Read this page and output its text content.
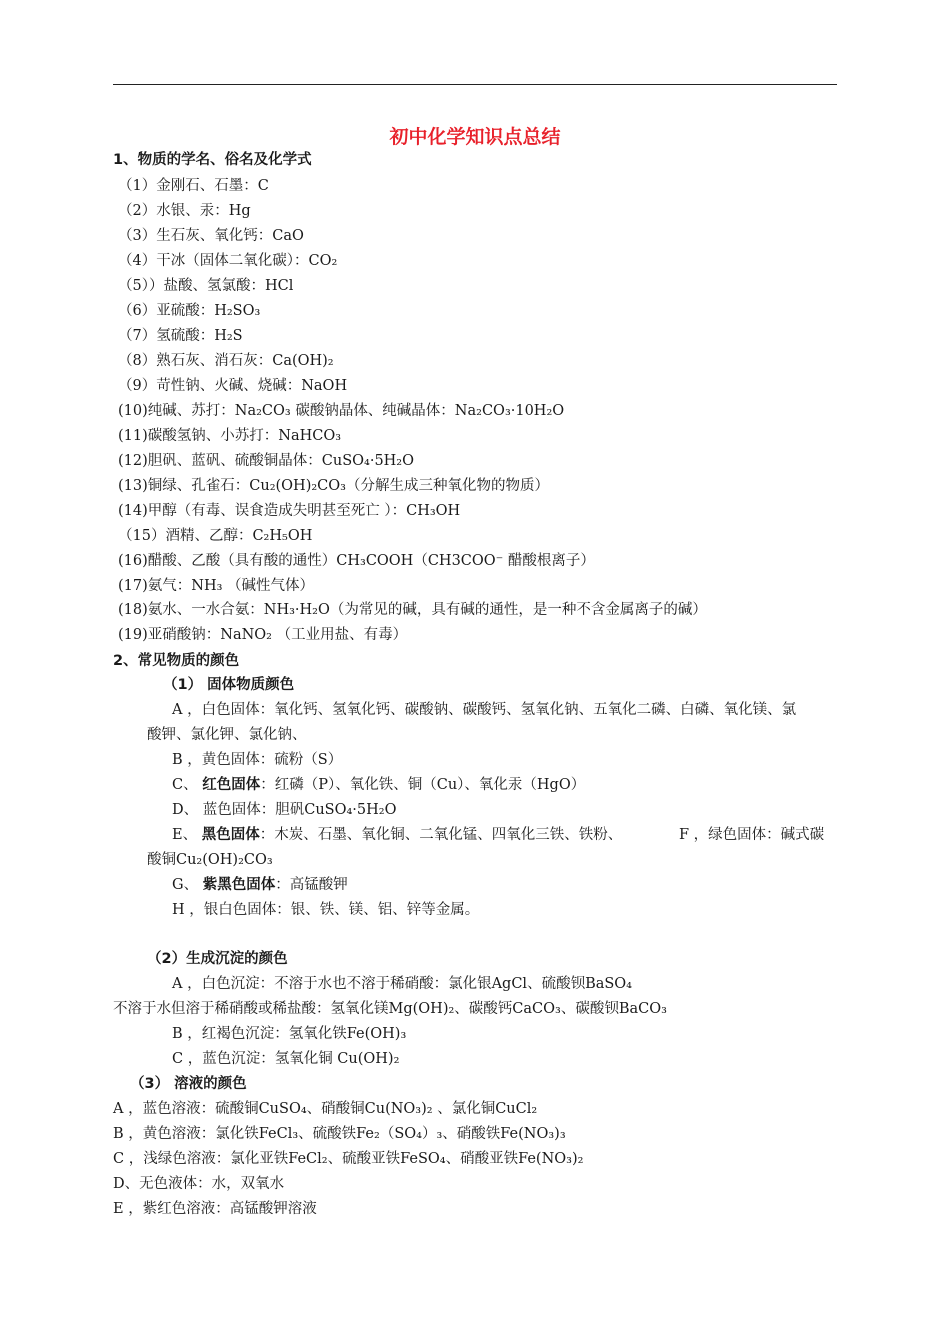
初中化学知识点总结
1、物质的学名、俗名及化学式
（1）金刚石、石墨：C
（2）水银、汞：Hg
（3）生石灰、氧化钙：CaO
（4）干冰（固体二氧化碳）：CO₂
（5））盐酸、氢氯酸：HCl
（6）亚硫酸：H₂SO₃
（7）氢硫酸：H₂S
（8）熟石灰、消石灰：Ca(OH)₂
（9）苛性钠、火碱、烧碱：NaOH
(10)纯碱、苏打：Na₂CO₃ 碳酸钠晶体、纯碱晶体：Na₂CO₃·10H₂O
(11)碳酸氢钠、小苏打：NaHCO₃
(12)胆矾、蓝矾、硫酸铜晶体：CuSO₄·5H₂O
(13)铜绿、孔雀石：Cu₂(OH)₂CO₃（分解生成三种氧化物的物质）
(14)甲醇（有毒、误食造成失明甚至死亡 ）：CH₃OH
（15）酒精、乙醇：C₂H₅OH
(16)醋酸、乙酸（具有酸的通性）CH₃COOH（CH3COO⁻ 醋酸根离子）
(17)氨气：NH₃ （碱性气体）
(18)氨水、一水合氨：NH₃·H₂O（为常见的碱，具有碱的通性，是一种不含金属离子的碱）
(19)亚硝酸钠：NaNO₂ （工业用盐、有毒）
2、常见物质的颜色
（1） 固体物质颜色
A ，白色固体：氧化钙、氢氧化钙、碳酸钠、碳酸钙、氢氧化钠、五氧化二磷、白磷、氧化镁、氯
酸钾、氯化钾、氯化钠、
B ，黄色固体：硫粉（S）
C、 红色固体：红磷（P）、氧化铁、铜（Cu）、氧化汞（HgO）
D、 蓝色固体：胆矾CuSO₄·5H₂O
E、 黑色固体：木炭、石墨、氧化铜、二氧化锰、四氧化三铁、铁粉、	F ，绿色固体：碱式碳
酸铜Cu₂(OH)₂CO₃
G、 紫黑色固体：高锰酸钾
H ，银白色固体：银、铁、镁、铝、锌等金属。
（2）生成沉淀的颜色
A ，白色沉淀：不溶于水也不溶于稀硝酸：氯化银AgCl、硫酸钡BaSO₄
不溶于水但溶于稀硝酸或稀盐酸：氢氧化镁Mg(OH)₂、碳酸钙CaCO₃、碳酸钡BaCO₃
B ，红褐色沉淀：氢氧化铁Fe(OH)₃
C ，蓝色沉淀：氢氧化铜 Cu(OH)₂
（3） 溶液的颜色
A ，蓝色溶液：硫酸铜CuSO₄、硝酸铜Cu(NO₃)₂ 、氯化铜CuCl₂
B ，黄色溶液：氯化铁FeCl₃、硫酸铁Fe₂（SO₄）₃、硝酸铁Fe(NO₃)₃
C ，浅绿色溶液：氯化亚铁FeCl₂、硫酸亚铁FeSO₄、硝酸亚铁Fe(NO₃)₂
D、无色液体：水，双氧水
E ，紫红色溶液：高锰酸钾溶液
